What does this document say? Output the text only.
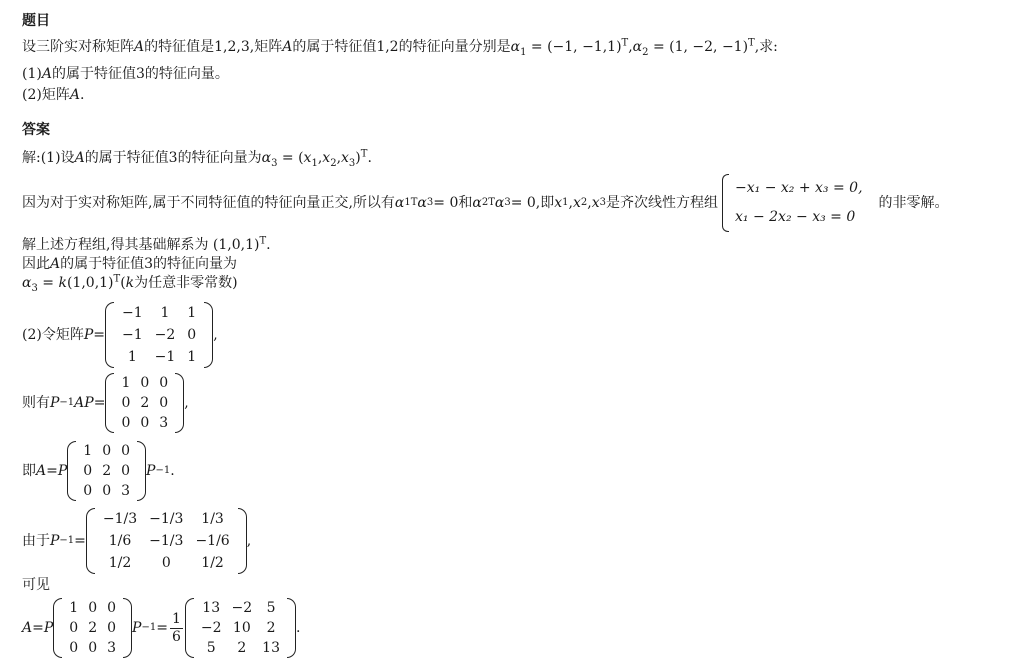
题目
设三阶实对称矩阵A的特征值是1,2,3,矩阵A的属于特征值1,2的特征向量分别是$\alpha_1 = (-1$, $-1,1)^T,\alpha_2 = (1$, −2, −1)$^T$,求:
(1)A的属于特征值3的特征向量。
(2)矩阵A.
答案
解:(1)设A的属于特征值3的特征向量为$\alpha_3 = (x_1,x_2,x_3)^T$.
因为对于实对称矩阵,属于不同特征值的特征向量正交,所以有 α 1 T α 3 = 0和 α 2 T α 3 = 0,即 x 1 , x 2 , x 3 是齐次线性方程组
−x₁ − x₂ + x₃ = 0,
x₁ − 2x₂ − x₃ = 0
的非零解。
解上述方程组,得其基础解系为 $(1,0,1)^T$.
因此A的属于特征值3的特征向量为
$\alpha_3 = k(1,0,1)^T(k$为任意非零常数)
(2)令矩阵 P =
−1	1	1
−1	−2	0
1	−1	1
,
则有 P −1 AP =
1	0	0
0	2	0
0	0	3
,
即 A = P
1	0	0
0	2	0
0	0	3
P −1 .
由于 P −1 =
−1/3	−1/3	1/3
1/6	−1/3	−1/6
1/2	0	1/2
,
可见
A = P
1	0	0
0	2	0
0	0	3
$P -1 = \frac{1}{6}$
13	−2	5
−2	10	2
5	2	13
.
